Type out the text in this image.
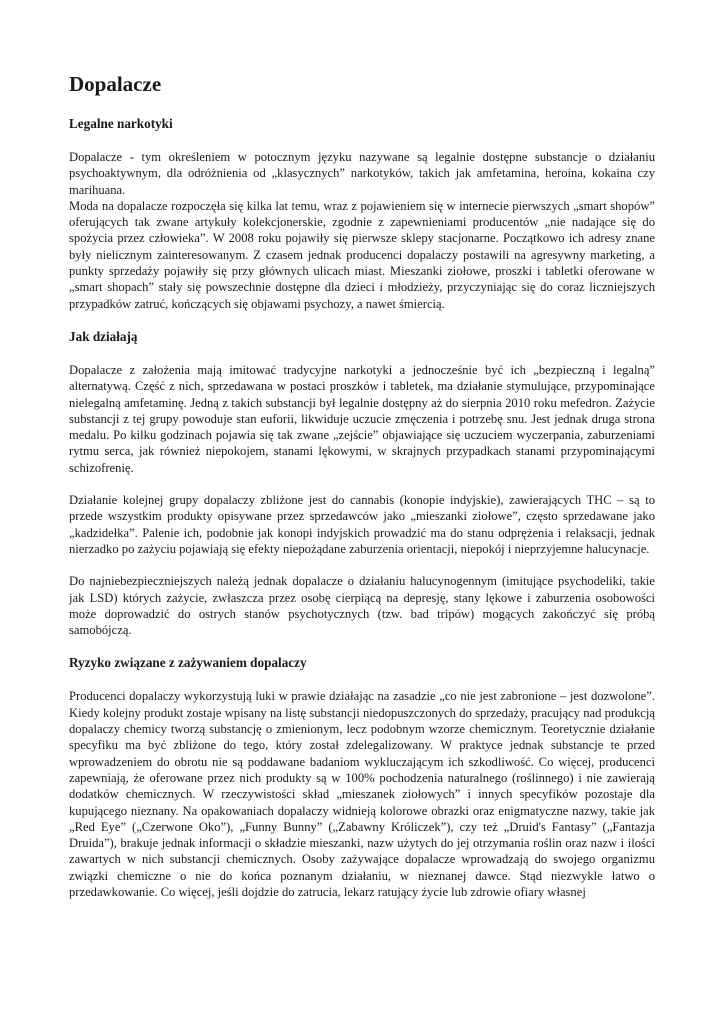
Dopalacze
Legalne narkotyki

Dopalacze - tym określeniem w potocznym języku nazywane są legalnie dostępne substancje o działaniu psychoaktywnym, dla odróżnienia od „klasycznych” narkotyków, takich jak amfetamina, heroina, kokaina czy marihuana.

Moda na dopalacze rozpoczęła się kilka lat temu, wraz z pojawieniem się w internecie pierwszych „smart shopów” oferujących tak zwane artykuły kolekcjonerskie, zgodnie z zapewnieniami producentów „nie nadające się do spożycia przez człowieka”. W 2008 roku pojawiły się pierwsze sklepy stacjonarne. Początkowo ich adresy znane były nielicznym zainteresowanym. Z czasem jednak producenci dopalaczy postawili na agresywny marketing, a punkty sprzedaży pojawiły się przy głównych ulicach miast. Mieszanki ziołowe, proszki i tabletki oferowane w „smart shopach” stały się powszechnie dostępne dla dzieci i młodzieży, przyczyniając się do coraz liczniejszych przypadków zatruć, kończących się objawami psychozy, a nawet śmiercią.

Jak działają

Dopalacze z założenia mają imitować tradycyjne narkotyki a jednocześnie być ich „bezpieczną i legalną” alternatywą. Część z nich, sprzedawana w postaci proszków i tabletek, ma działanie stymulujące, przypominające nielegalną amfetaminę. Jedną z takich substancji był legalnie dostępny aż do sierpnia 2010 roku mefedron. Zażycie substancji z tej grupy powoduje stan euforii, likwiduje uczucie zmęczenia i potrzebę snu. Jest jednak druga strona medalu. Po kilku godzinach pojawia się tak zwane „zejście” objawiające się uczuciem wyczerpania, zaburzeniami rytmu serca, jak również niepokojem, stanami lękowymi, w skrajnych przypadkach stanami przypominającymi schizofrenię.

Działanie kolejnej grupy dopalaczy zbliżone jest do cannabis (konopie indyjskie), zawierających THC – są to przede wszystkim produkty opisywane przez sprzedawców jako „mieszanki ziołowe”, często sprzedawane jako „kadzidełka”. Palenie ich, podobnie jak konopi indyjskich prowadzić ma do stanu odprężenia i relaksacji, jednak nierzadko po zażyciu pojawiają się efekty niepożądane zaburzenia orientacji, niepokój i nieprzyjemne halucynacje.

Do najniebezpieczniejszych należą jednak dopalacze o działaniu halucynogennym (imitujące psychodeliki, takie jak LSD) których zażycie, zwłaszcza przez osobę cierpiącą na depresję, stany lękowe i zaburzenia osobowości może doprowadzić do ostrych stanów psychotycznych (tzw. bad tripów) mogących zakończyć się próbą samobójczą.

Ryzyko związane z zażywaniem dopalaczy

Producenci dopalaczy wykorzystują luki w prawie działając na zasadzie „co nie jest zabronione – jest dozwolone”. Kiedy kolejny produkt zostaje wpisany na listę substancji niedopuszczonych do sprzedaży, pracujący nad produkcją dopalaczy chemicy tworzą substancję o zmienionym, lecz podobnym wzorze chemicznym. Teoretycznie działanie specyfiku ma być zbliżone do tego, który został zdelegalizowany. W praktyce jednak substancje te przed wprowadzeniem do obrotu nie są poddawane badaniom wykluczającym ich szkodliwość. Co więcej, producenci zapewniają, że oferowane przez nich produkty są w 100% pochodzenia naturalnego (roślinnego) i nie zawierają dodatków chemicznych. W rzeczywistości skład „mieszanek ziołowych” i innych specyfików pozostaje dla kupującego nieznany. Na opakowaniach dopalaczy widnieją kolorowe obrazki oraz enigmatyczne nazwy, takie jak „Red Eye” („Czerwone Oko”), „Funny Bunny” („Zabawny Króliczek”), czy też „Druid's Fantasy” („Fantazja Druida”), brakuje jednak informacji o składzie mieszanki, nazw użytych do jej otrzymania roślin oraz nazw i ilości zawartych w nich substancji chemicznych. Osoby zażywające dopalacze wprowadzają do swojego organizmu związki chemiczne o nie do końca poznanym działaniu, w nieznanej dawce. Stąd niezwykle łatwo o przedawkowanie. Co więcej, jeśli dojdzie do zatrucia, lekarz ratujący życie lub zdrowie ofiary własnej
